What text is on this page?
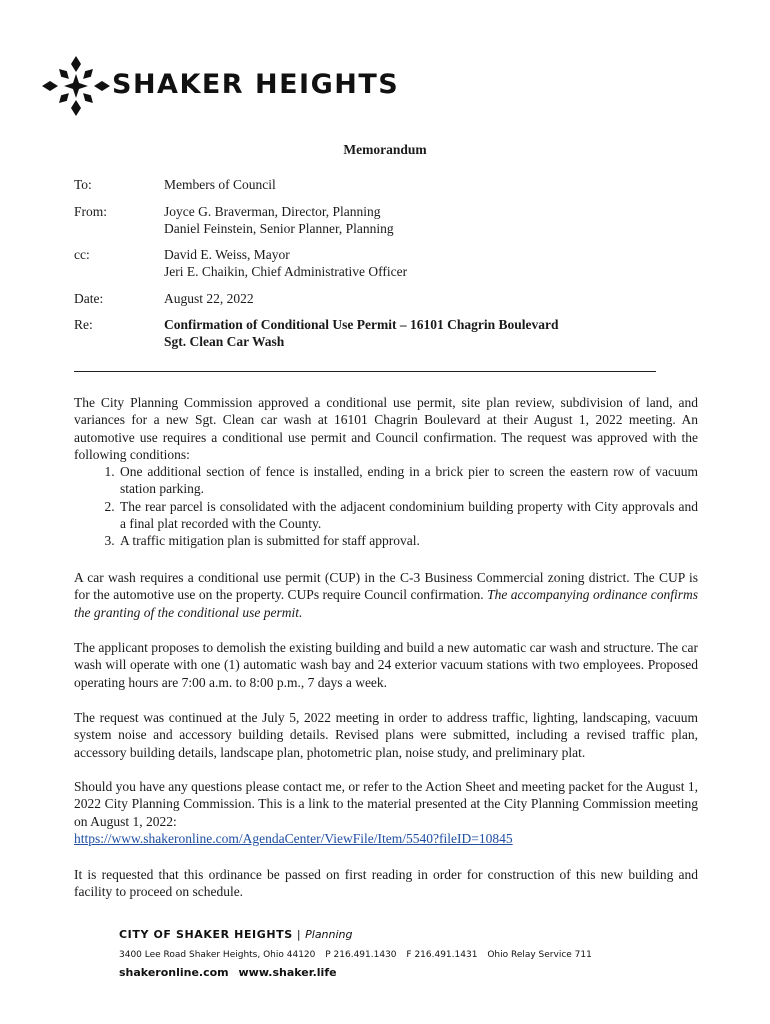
SHAKER HEIGHTS
Memorandum
To:	Members of Council
From:	Joyce G. Braverman, Director, Planning
Daniel Feinstein, Senior Planner, Planning
cc:	David E. Weiss, Mayor
Jeri E. Chaikin, Chief Administrative Officer
Date:	August 22, 2022
Re:	Confirmation of Conditional Use Permit – 16101 Chagrin Boulevard
Sgt. Clean Car Wash

The City Planning Commission approved a conditional use permit, site plan review, subdivision of land, and variances for a new Sgt. Clean car wash at 16101 Chagrin Boulevard at their August 1, 2022 meeting. An automotive use requires a conditional use permit and Council confirmation. The request was approved with the following conditions:

1. One additional section of fence is installed, ending in a brick pier to screen the eastern row of vacuum station parking.
2. The rear parcel is consolidated with the adjacent condominium building property with City approvals and a final plat recorded with the County.
3. A traffic mitigation plan is submitted for staff approval.

A car wash requires a conditional use permit (CUP) in the C-3 Business Commercial zoning district. The CUP is for the automotive use on the property. CUPs require Council confirmation. The accompanying ordinance confirms the granting of the conditional use permit.

The applicant proposes to demolish the existing building and build a new automatic car wash and structure. The car wash will operate with one (1) automatic wash bay and 24 exterior vacuum stations with two employees. Proposed operating hours are 7:00 a.m. to 8:00 p.m., 7 days a week.

The request was continued at the July 5, 2022 meeting in order to address traffic, lighting, landscaping, vacuum system noise and accessory building details. Revised plans were submitted, including a revised traffic plan, accessory building details, landscape plan, photometric plan, noise study, and preliminary plat.

Should you have any questions please contact me, or refer to the Action Sheet and meeting packet for the August 1, 2022 City Planning Commission. This is a link to the material presented at the City Planning Commission meeting on August 1, 2022:

https://www.shakeronline.com/AgendaCenter/ViewFile/Item/5540?fileID=10845

It is requested that this ordinance be passed on first reading in order for construction of this new building and facility to proceed on schedule.

CITY OF SHAKER HEIGHTS | Planning
3400 Lee Road Shaker Heights, Ohio 44120 P 216.491.1430 F 216.491.1431 Ohio Relay Service 711
shakeronline.com www.shaker.life
